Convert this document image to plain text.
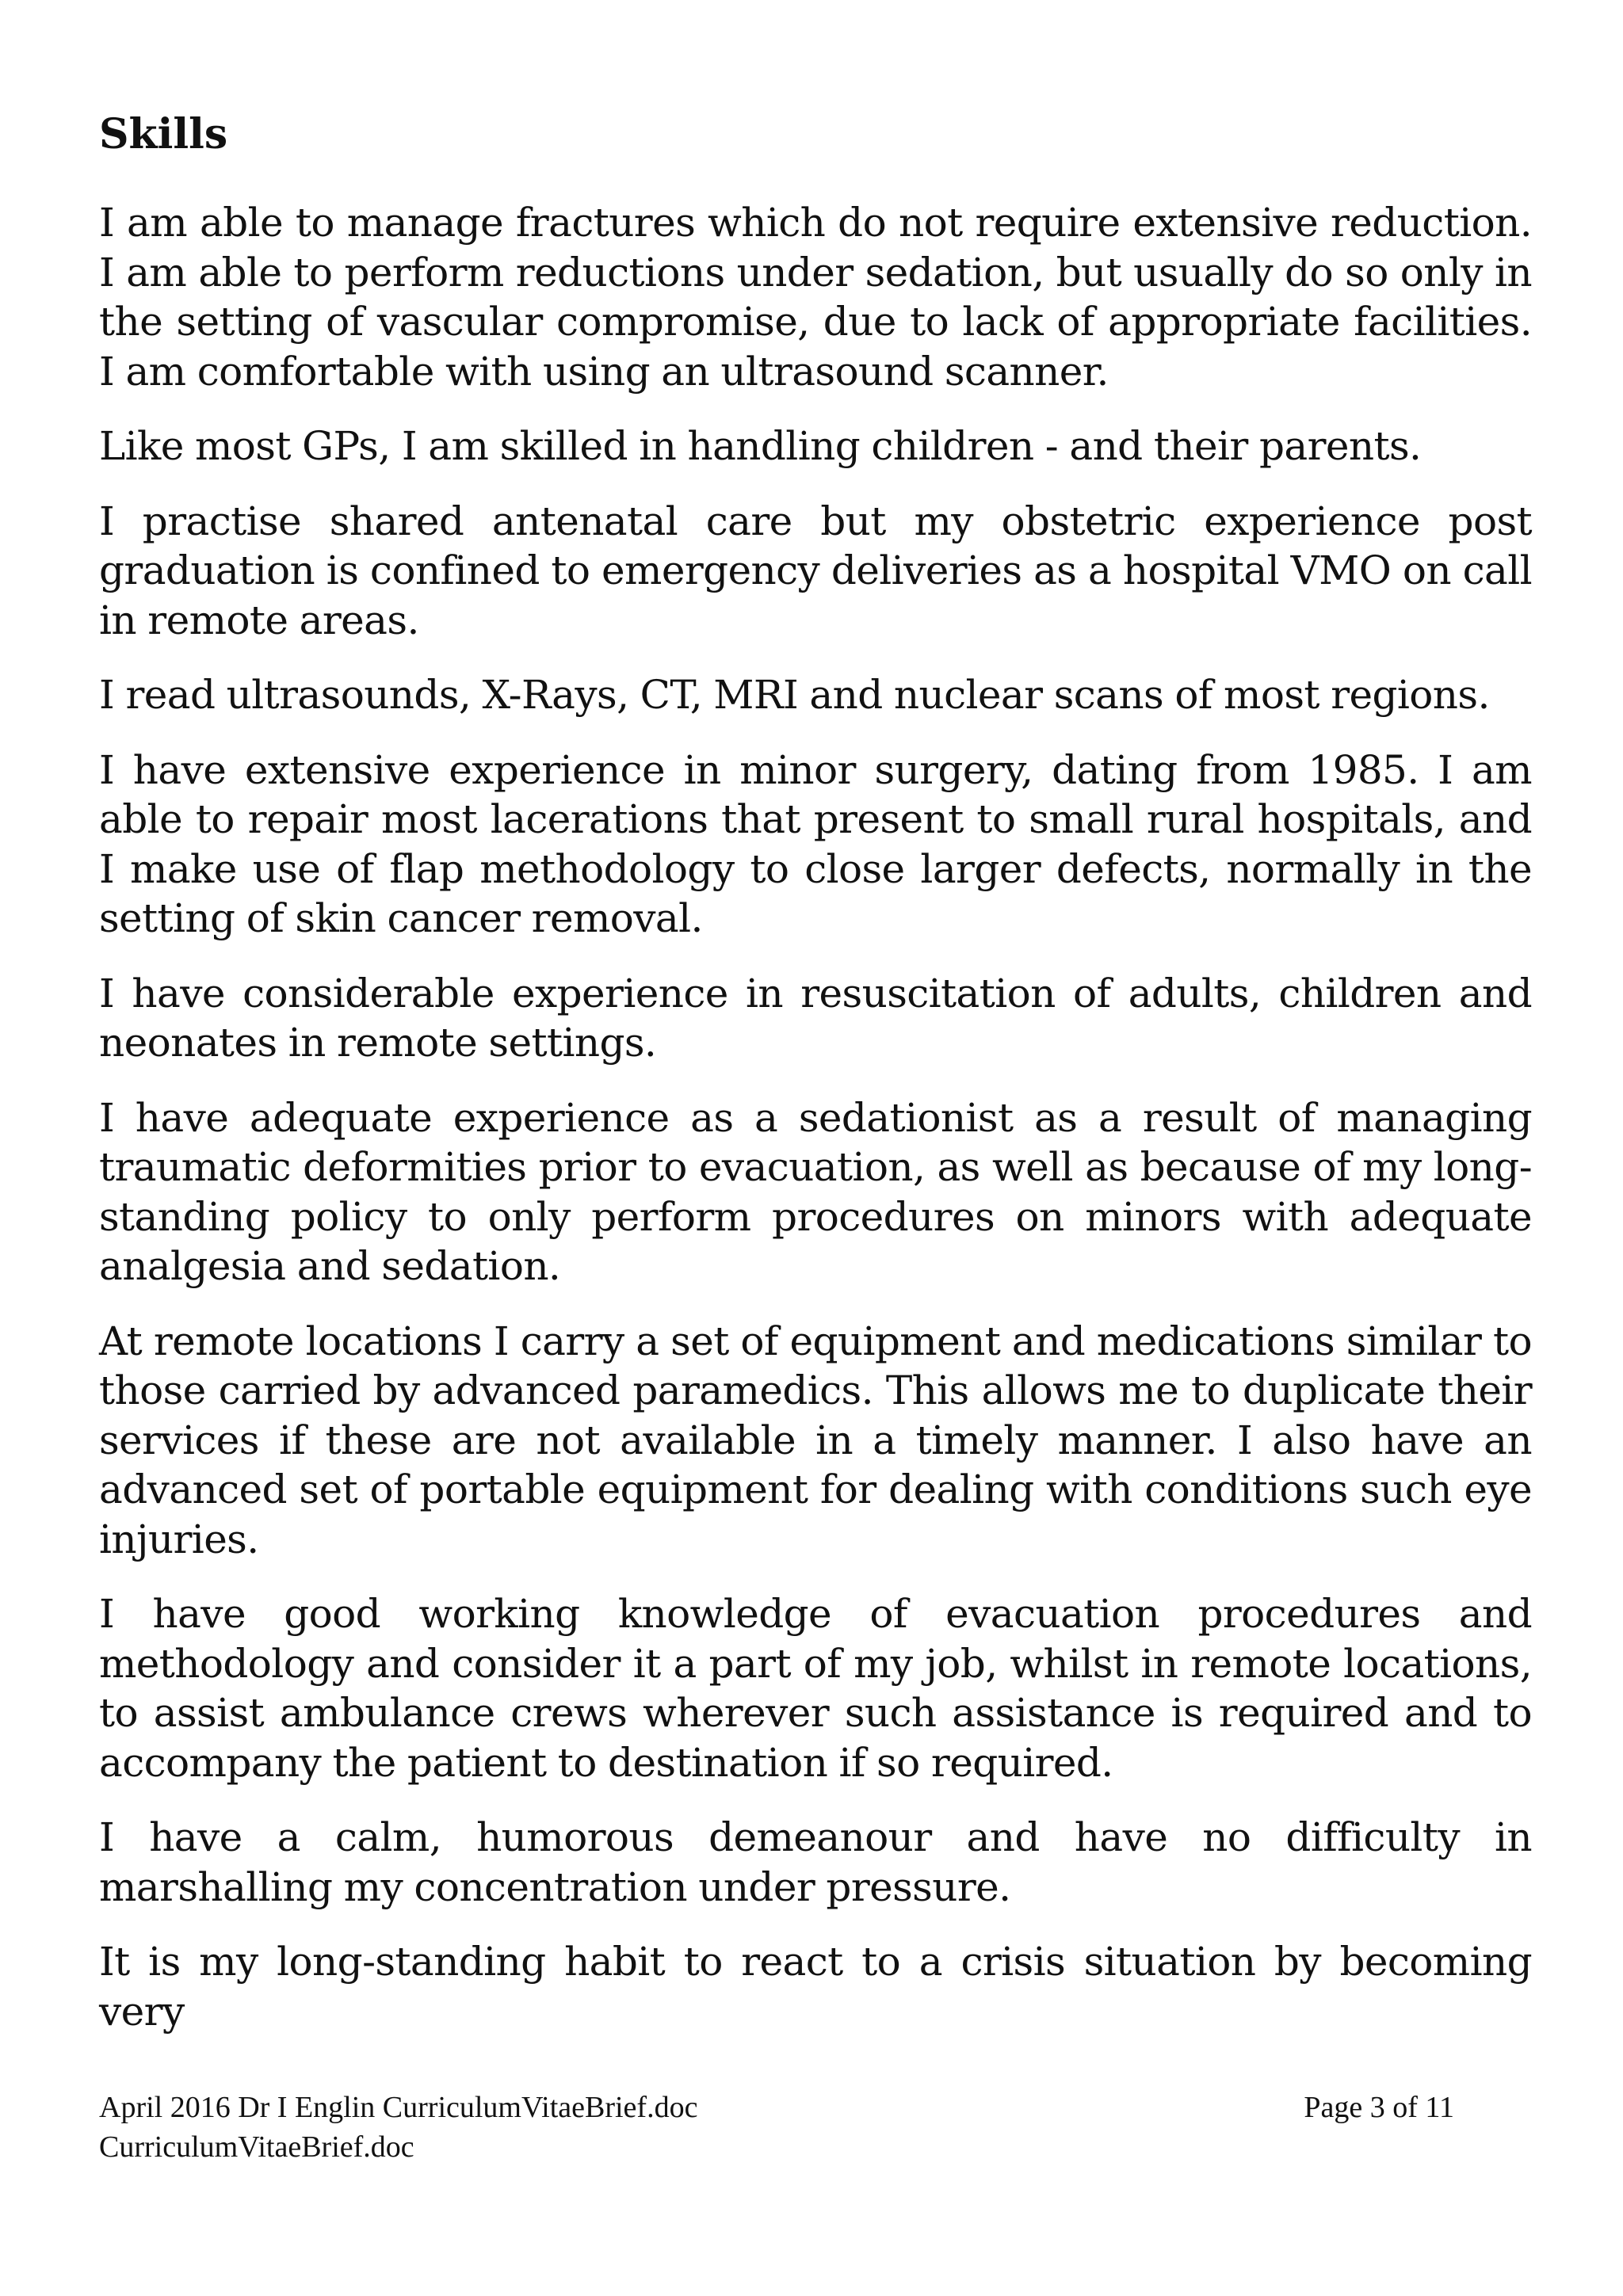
Skills

I am able to manage fractures which do not require extensive reduction. I am able to perform reductions under sedation, but usually do so only in the setting of vascular compromise, due to lack of appropriate facilities. I am comfortable with using an ultrasound scanner.

Like most GPs, I am skilled in handling children - and their parents.

I practise shared antenatal care but my obstetric experience post graduation is confined to emergency deliveries as a hospital VMO on call in remote areas.

I read ultrasounds, X-Rays, CT, MRI and nuclear scans of most regions.

I have extensive experience in minor surgery, dating from 1985. I am able to repair most lacerations that present to small rural hospitals, and I make use of flap methodology to close larger defects, normally in the setting of skin cancer removal.

I have considerable experience in resuscitation of adults, children and neonates in remote settings.

I have adequate experience as a sedationist as a result of managing traumatic deformities prior to evacuation, as well as because of my long-standing policy to only perform procedures on minors with adequate analgesia and sedation.

At remote locations I carry a set of equipment and medications similar to those carried by advanced paramedics. This allows me to duplicate their services if these are not available in a timely manner. I also have an advanced set of portable equipment for dealing with conditions such eye injuries.

I have good working knowledge of evacuation procedures and methodology and consider it a part of my job, whilst in remote locations, to assist ambulance crews wherever such assistance is required and to accompany the patient to destination if so required.

I have a calm, humorous demeanour and have no difficulty in marshalling my concentration under pressure.

It is my long-standing habit to react to a crisis situation by becoming very

April 2016 Dr I Englin CurriculumVitaeBrief.doc	Page 3 of 11
CurriculumVitaeBrief.doc
